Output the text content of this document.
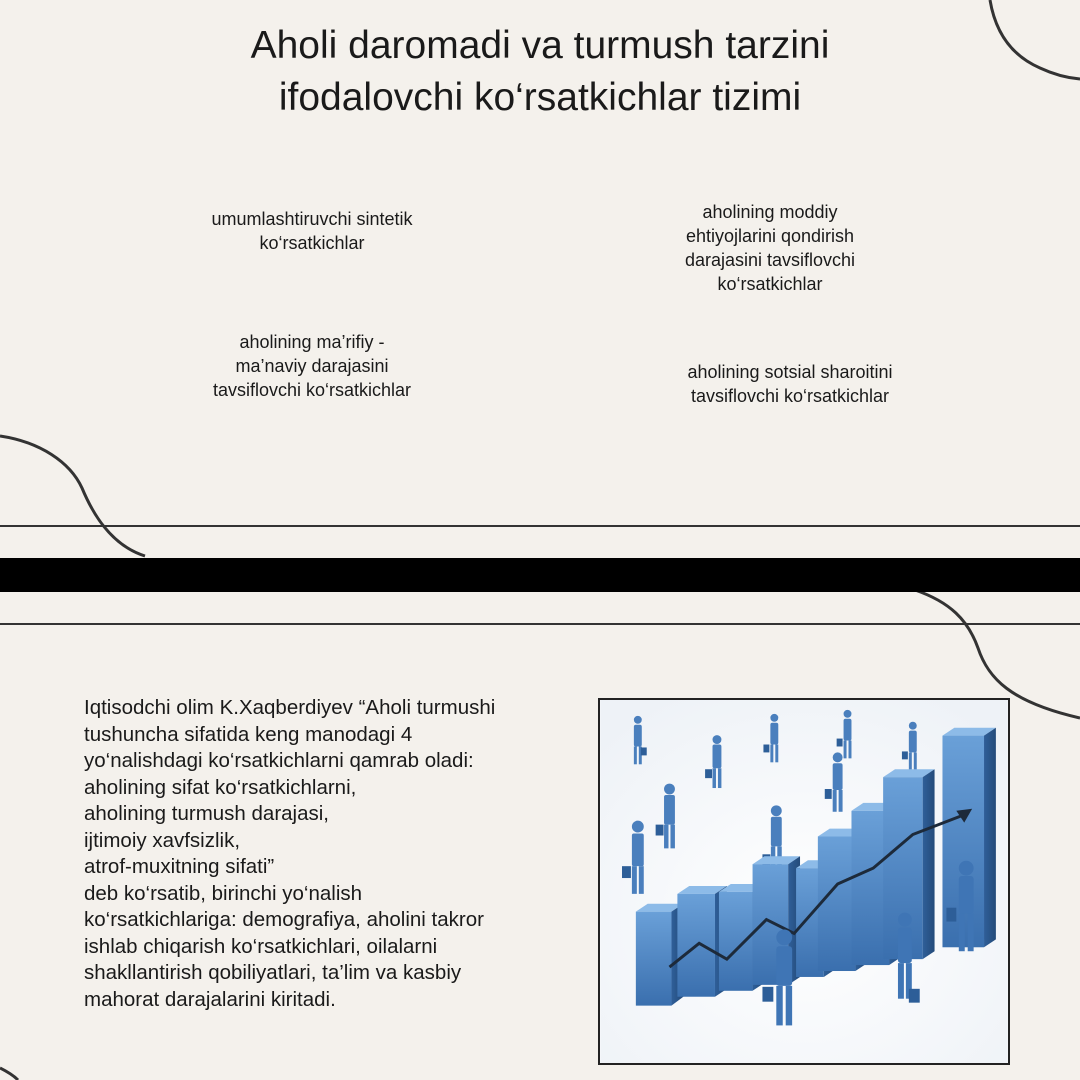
Aholi daromadi va turmush tarzini
ifodalovchi ko‘rsatkichlar tizimi
umumlashtiruvchi sintetik
ko‘rsatkichlar
aholining moddiy
ehtiyojlarini qondirish
darajasini tavsiflovchi
ko‘rsatkichlar
aholining ma’rifiy -
ma’naviy darajasini
tavsiflovchi ko‘rsatkichlar
aholining sotsial sharoitini
tavsiflovchi ko‘rsatkichlar
Iqtisodchi olim K.Xaqberdiyev “Aholi turmushi
tushuncha sifatida keng manodagi 4
yo‘nalishdagi ko‘rsatkichlarni qamrab oladi:
aholining sifat ko‘rsatkichlarni,
aholining turmush darajasi,
ijtimoiy xavfsizlik,
atrof-muxitning sifati”
deb ko‘rsatib, birinchi yo‘nalish
ko‘rsatkichlariga: demografiya, aholini takror
ishlab chiqarish ko‘rsatkichlari, oilalarni
shakllantirish qobiliyatlari, ta’lim va kasbiy
mahorat darajalarini kiritadi.
